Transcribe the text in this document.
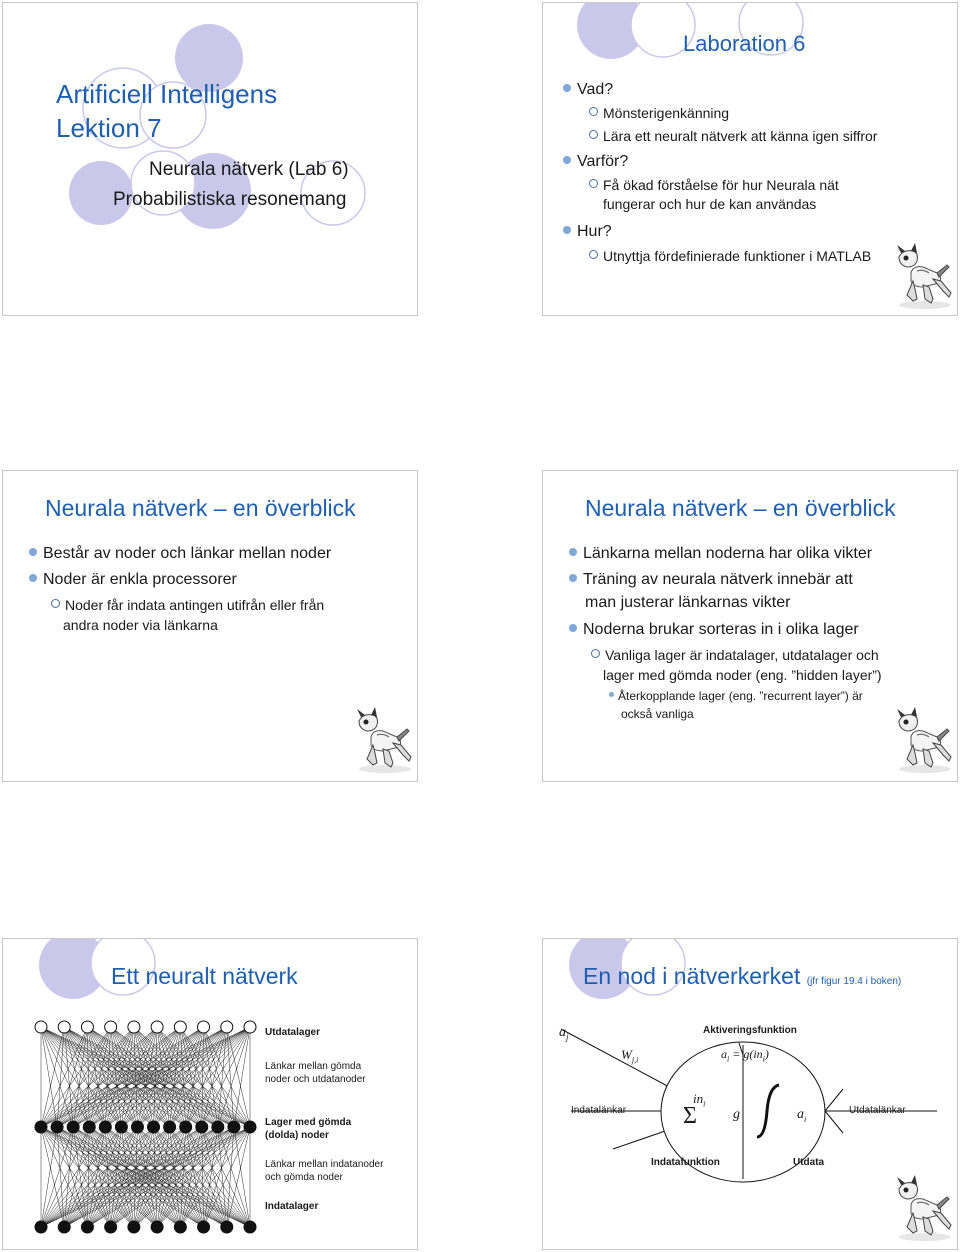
Artificiell Intelligens
Lektion 7
Neurala nätverk (Lab 6)
Probabilistiska resonemang
Laboration 6
Vad?
Mönsterigenkänning
Lära ett neuralt nätverk att känna igen siffror
Varför?
Få ökad förståelse för hur Neurala nät
fungerar och hur de kan användas
Hur?
Utnyttja fördefinierade funktioner i MATLAB
Neurala nätverk – en överblick
Består av noder och länkar mellan noder
Noder är enkla processorer
Noder får indata antingen utifrån eller från
andra noder via länkarna
Neurala nätverk – en överblick
Länkarna mellan noderna har olika vikter
Träning av neurala nätverk innebär att
man justerar länkarnas vikter
Noderna brukar sorteras in i olika lager
Vanliga lager är indatalager, utdatalager och
lager med gömda noder (eng. ”hidden layer”)
Återkopplande lager (eng. ”recurrent layer”) är
också vanliga
Ett neuralt nätverk
Utdatalager
Länkar mellan gömda
noder och utdatanoder
Lager med gömda
(dolda) noder
Länkar mellan indatanoder
och gömda noder
Indatalager
En nod i nätverkerket (jfr figur 19.4 i boken)
$a_j$
$W_{j,i}$
Aktiveringsfunktion
$a_i = g(in_i)$
$in_i$
Σ	g	$a_i$
Indatalänkar	Utdatalänkar
Indatafunktion	Utdata
